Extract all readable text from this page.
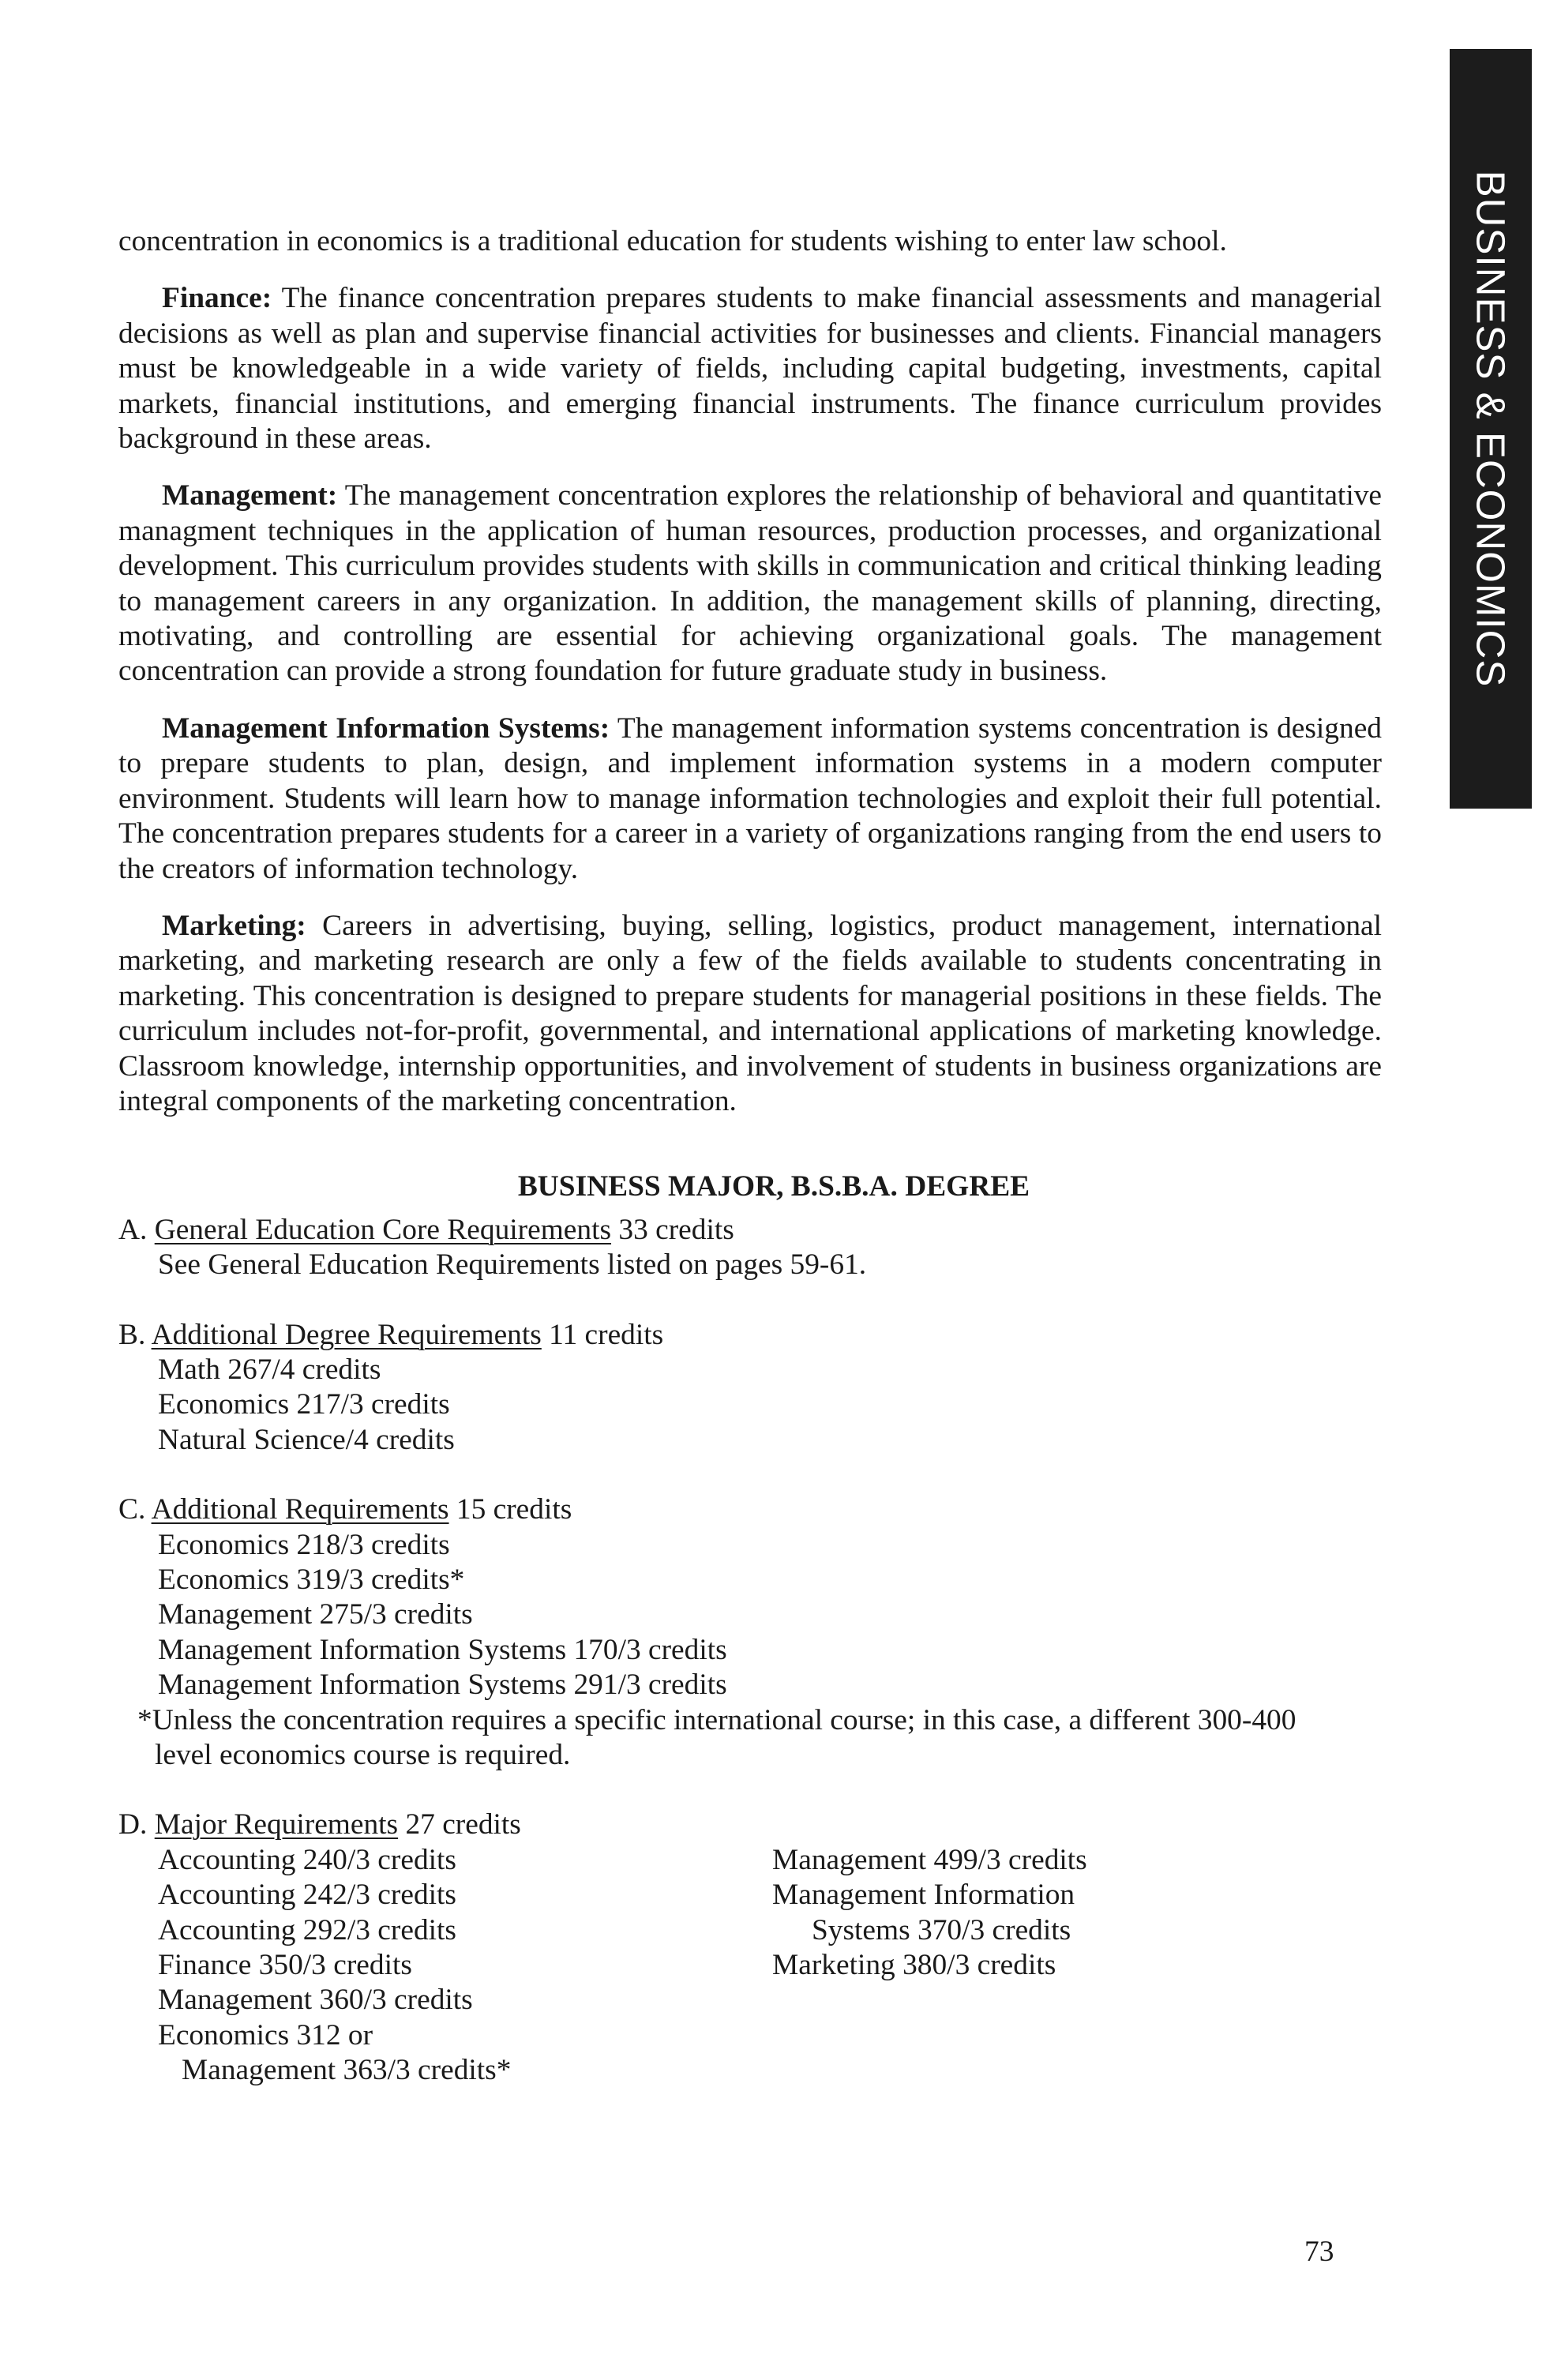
BUSINESS & ECONOMICS

concentration in economics is a traditional education for students wishing to enter law school.

Finance: The finance concentration prepares students to make financial assessments and managerial decisions as well as plan and supervise financial activities for businesses and clients. Financial managers must be knowledgeable in a wide variety of fields, including capital budgeting, investments, capital markets, financial institutions, and emerging financial instruments. The finance curriculum provides background in these areas.

Management: The management concentration explores the relationship of behavioral and quantitative managment techniques in the application of human resources, production processes, and organizational development. This curriculum provides students with skills in communication and critical thinking leading to management careers in any organization. In addition, the management skills of planning, directing, motivating, and controlling are essential for achieving organizational goals. The management concentration can provide a strong foundation for future graduate study in business.

Management Information Systems: The management information systems concentration is designed to prepare students to plan, design, and implement information systems in a modern computer environment. Students will learn how to manage information technologies and exploit their full potential. The concentration prepares students for a career in a variety of organizations ranging from the end users to the creators of information technology.

Marketing: Careers in advertising, buying, selling, logistics, product management, international marketing, and marketing research are only a few of the fields available to students concentrating in marketing. This concentration is designed to prepare students for managerial positions in these fields. The curriculum includes not-for-profit, governmental, and international applications of marketing knowledge. Classroom knowledge, internship opportunities, and involvement of students in business organizations are integral components of the marketing concentration.

BUSINESS MAJOR, B.S.B.A. DEGREE
A. General Education Core Requirements 33 credits
See General Education Requirements listed on pages 59-61.
B. Additional Degree Requirements 11 credits
Math 267/4 credits
Economics 217/3 credits
Natural Science/4 credits
C. Additional Requirements 15 credits
Economics 218/3 credits
Economics 319/3 credits*
Management 275/3 credits
Management Information Systems 170/3 credits
Management Information Systems 291/3 credits
*Unless the concentration requires a specific international course; in this case, a different 300-400 level economics course is required.
D. Major Requirements 27 credits
Accounting 240/3 credits
Accounting 242/3 credits
Accounting 292/3 credits
Finance 350/3 credits
Management 360/3 credits
Economics 312 or
Management 363/3 credits*
Management 499/3 credits
Management Information
Systems 370/3 credits
Marketing 380/3 credits
73
